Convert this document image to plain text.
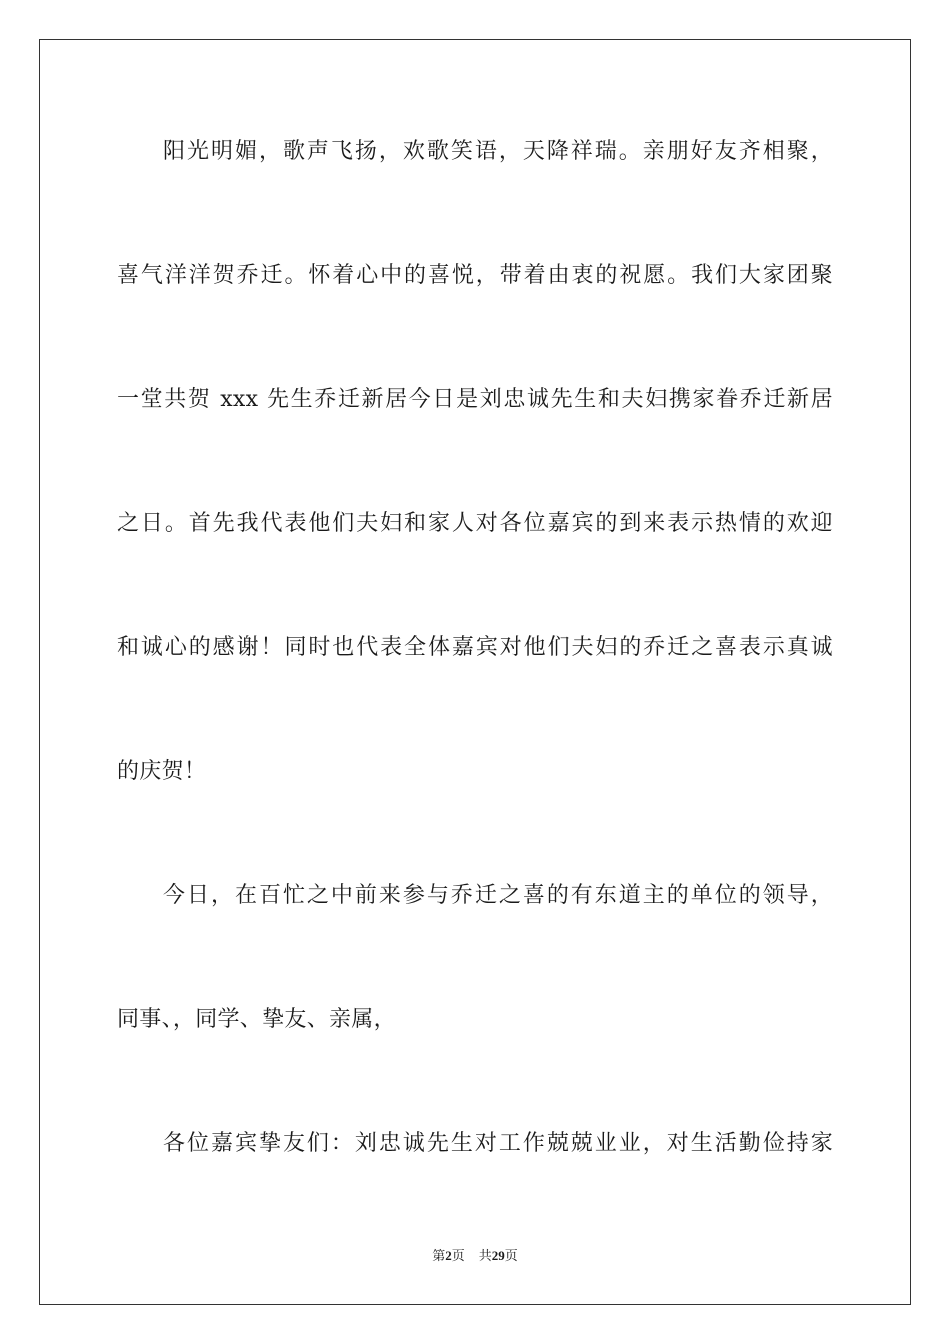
阳光明媚，歌声飞扬，欢歌笑语，天降祥瑞。亲朋好友齐相聚，
喜气洋洋贺乔迁。怀着心中的喜悦，带着由衷的祝愿。我们大家团聚
一堂共贺 xxx 先生乔迁新居今日是刘忠诚先生和夫妇携家眷乔迁新居
之日。首先我代表他们夫妇和家人对各位嘉宾的到来表示热情的欢迎
和诚心的感谢！同时也代表全体嘉宾对他们夫妇的乔迁之喜表示真诚
的庆贺！
今日，在百忙之中前来参与乔迁之喜的有东道主的单位的领导，
同事、，同学、挚友、亲属，
各位嘉宾挚友们：刘忠诚先生对工作兢兢业业，对生活勤俭持家
第2页 共29页
